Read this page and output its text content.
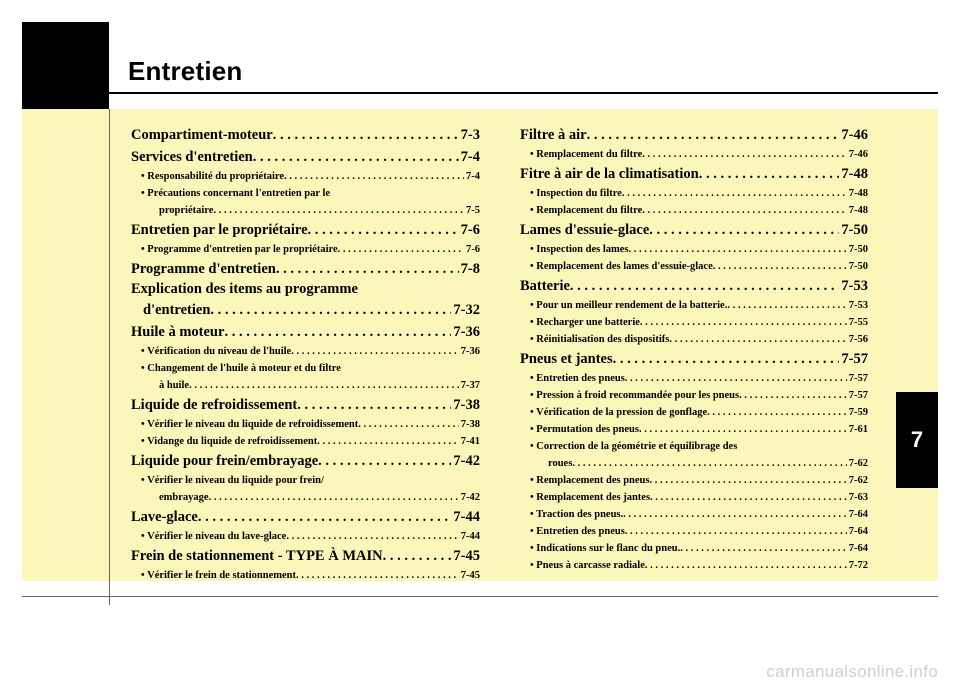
Entretien
7
Compartiment-moteur . . .	7-3
Services d'entretien . . .	7-4
• Responsabilité du propriétaire . . .	7-4
• Précautions concernant l'entretien par le
propriétaire . . .	7-5
Entretien par le propriétaire . . .	7-6
• Programme d'entretien par le propriétaire . . .	7-6
Programme d'entretien . . .	7-8
Explication des items au programme
d'entretien . . .	7-32
Huile à moteur . . .	7-36
• Vérification du niveau de l'huile . . .	7-36
• Changement de l'huile à moteur et du filtre
à huile . . .	7-37
Liquide de refroidissement . . .	7-38
• Vérifier le niveau du liquide de refroidissement . . .	7-38
• Vidange du liquide de refroidissement . . .	7-41
Liquide pour frein/embrayage . . .	7-42
• Vérifier le niveau du liquide pour frein/
embrayage . . .	7-42
Lave-glace . . .	7-44
• Vérifier le niveau du lave-glace . . .	7-44
Frein de stationnement - TYPE À MAIN . . .	7-45
• Vérifier le frein de stationnement . . .	7-45
Filtre à air . . .	7-46
• Remplacement du filtre . . .	7-46
Fitre à air de la climatisation . . .	7-48
• Inspection du filtre . . .	7-48
• Remplacement du filtre . . .	7-48
Lames d'essuie-glace . . .	7-50
• Inspection des lames . . .	7-50
• Remplacement des lames d'essuie-glace . . .	7-50
Batterie . . .	7-53
• Pour un meilleur rendement de la batterie. . . .	7-53
• Recharger une batterie . . .	7-55
• Réinitialisation des dispositifs . . .	7-56
Pneus et jantes . . .	7-57
• Entretien des pneus . . .	7-57
• Pression à froid recommandée pour les pneus . . .	7-57
• Vérification de la pression de gonflage . . .	7-59
• Permutation des pneus . . .	7-61
• Correction de la géométrie et équilibrage des
roues . . .	7-62
• Remplacement des pneus . . .	7-62
• Remplacement des jantes . . .	7-63
• Traction des pneus. . . .	7-64
• Entretien des pneus . . .	7-64
• Indications sur le flanc du pneu. . . .	7-64
• Pneus à carcasse radiale . . .	7-72
carmanualsonline.info
